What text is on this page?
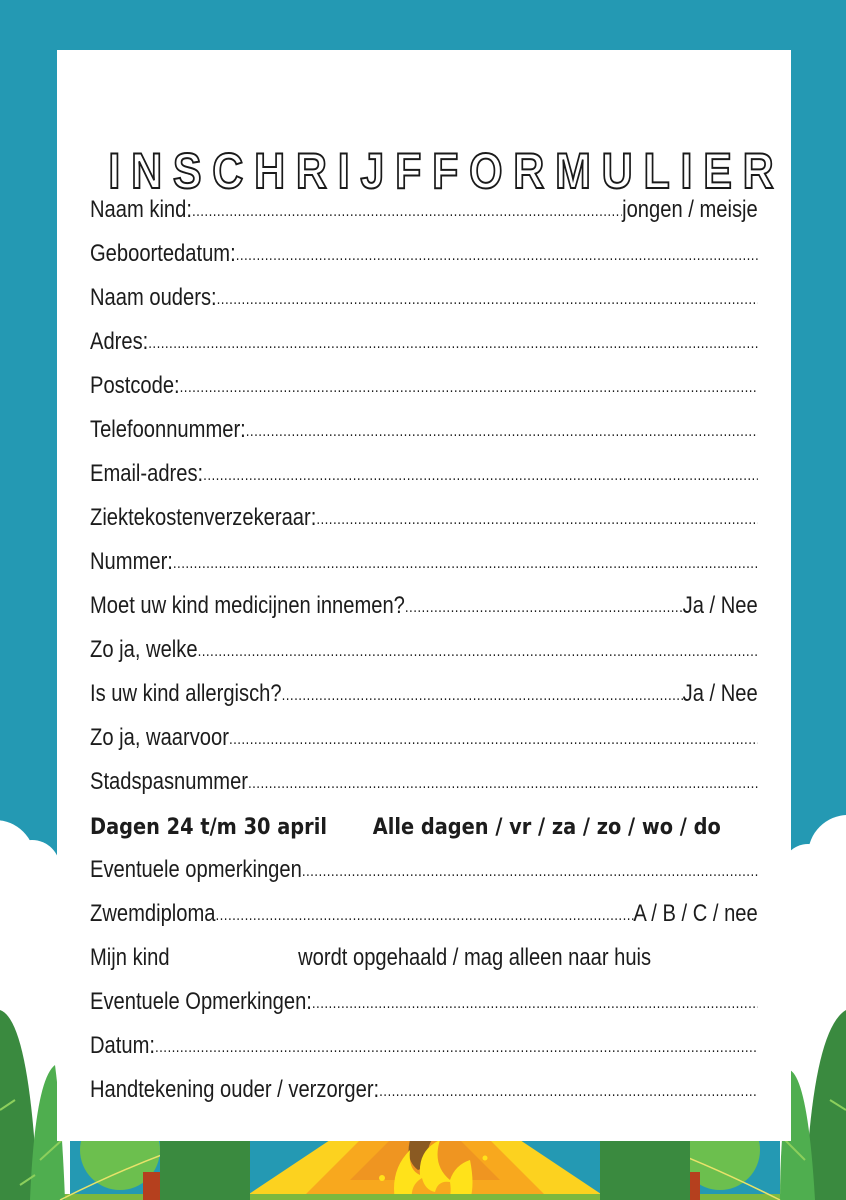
INSCHRIJFFORMULIER
Naam kind: .....	jongen / meisje
Geboortedatum:
.....
Naam ouders:
.....
Adres:
.....
Postcode:
.....
Telefoonnummer:
.....
Email-adres:
.....
Ziektekostenverzekeraar:
.....
Nummer:
.....
Moet uw kind medicijnen innemen? .....	Ja / Nee
Zo ja, welke
.....
Is uw kind allergisch? .....	Ja / Nee
Zo ja, waarvoor
.....
Stadspasnummer
.....
Dagen 24 t/m 30 april Alle dagen / vr / za / zo / wo / do
Eventuele opmerkingen
.....
Zwemdiploma .....	A / B / C / nee
Mijn kind	wordt opgehaald / mag alleen naar huis
Eventuele Opmerkingen:
.....
Datum:
.....
Handtekening ouder / verzorger:
.....
